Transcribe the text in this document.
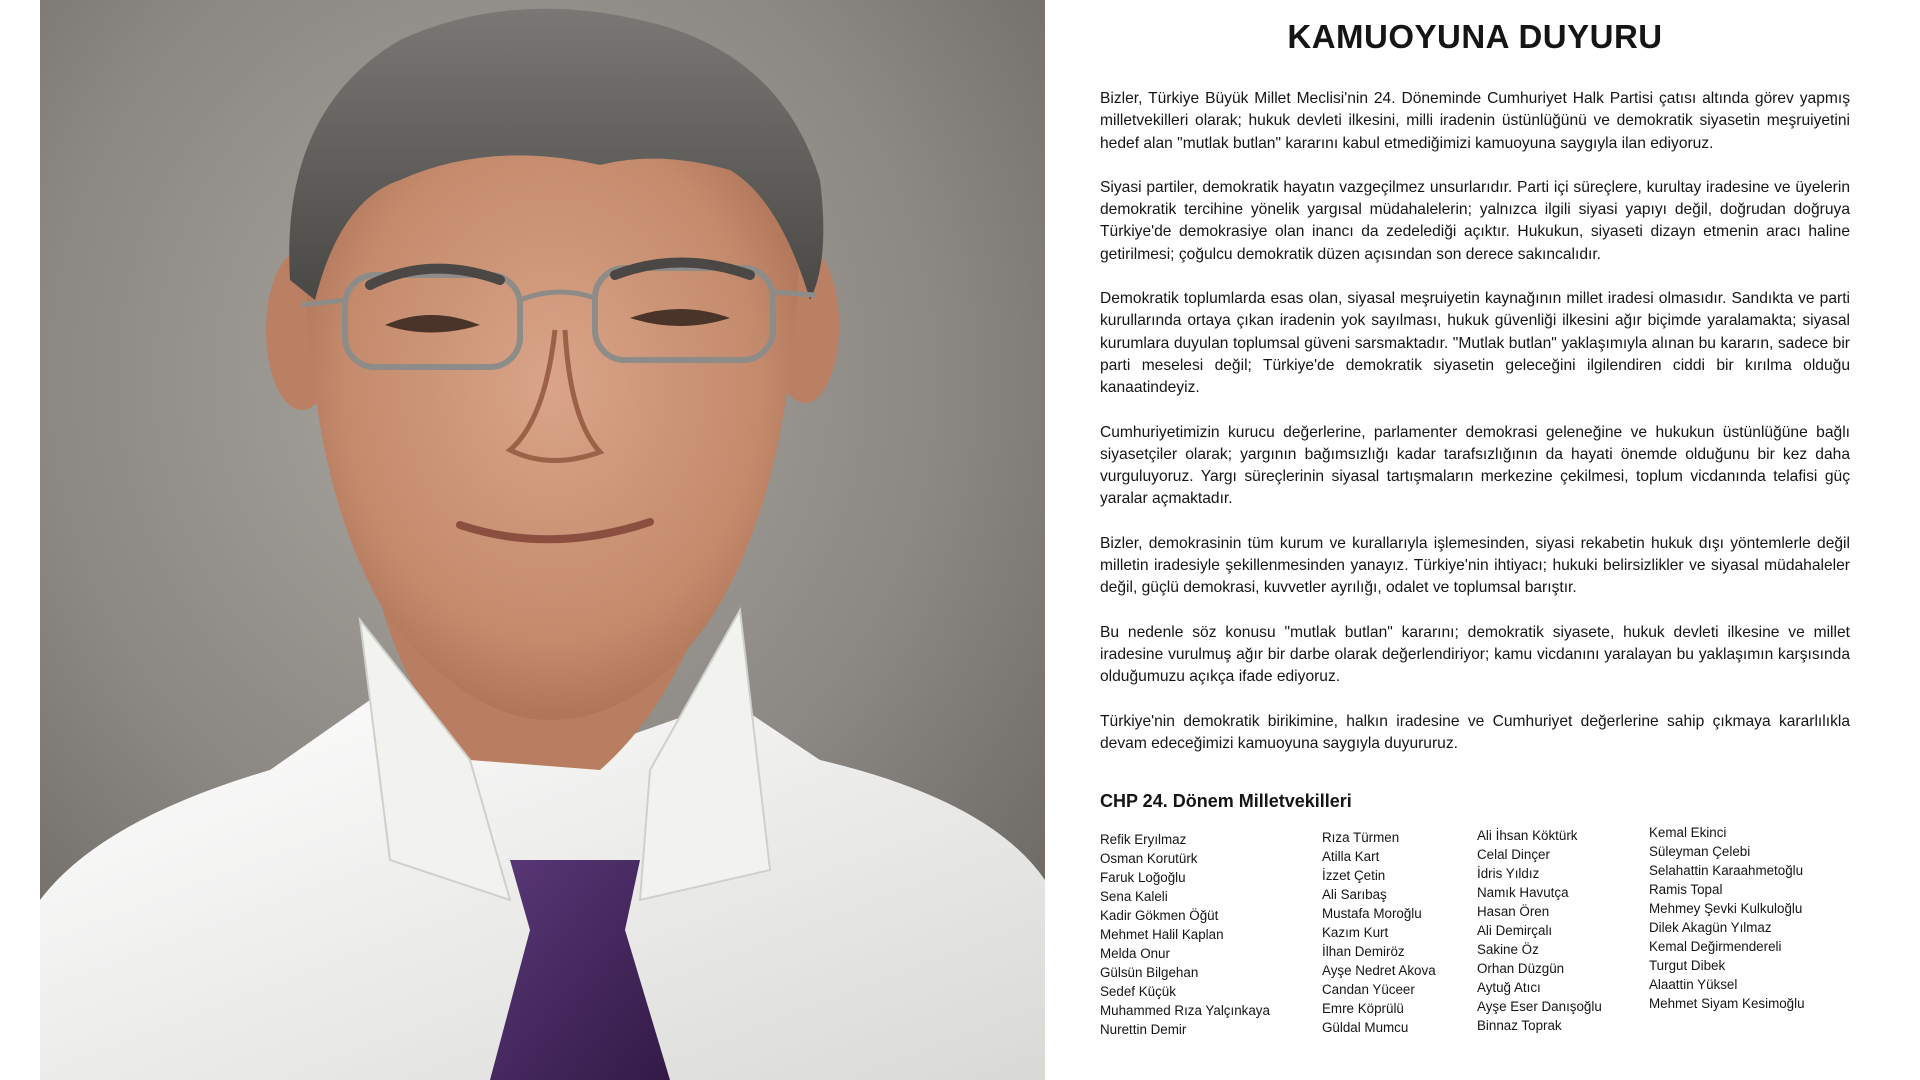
KAMUOYUNA DUYURU

Bizler, Türkiye Büyük Millet Meclisi'nin 24. Döneminde Cumhuriyet Halk Partisi çatısı altında görev yapmış milletvekilleri olarak; hukuk devleti ilkesini, milli iradenin üstünlüğünü ve demokratik siyasetin meşruiyetini hedef alan "mutlak butlan" kararını kabul etmediğimizi kamuoyuna saygıyla ilan ediyoruz.

Siyasi partiler, demokratik hayatın vazgeçilmez unsurlarıdır. Parti içi süreçlere, kurultay iradesine ve üyelerin demokratik tercihine yönelik yargısal müdahalelerin; yalnızca ilgili siyasi yapıyı değil, doğrudan doğruya Türkiye'de demokrasiye olan inancı da zedelediği açıktır. Hukukun, siyaseti dizayn etmenin aracı haline getirilmesi; çoğulcu demokratik düzen açısından son derece sakıncalıdır.

Demokratik toplumlarda esas olan, siyasal meşruiyetin kaynağının millet iradesi olmasıdır. Sandıkta ve parti kurullarında ortaya çıkan iradenin yok sayılması, hukuk güvenliği ilkesini ağır biçimde yaralamakta; siyasal kurumlara duyulan toplumsal güveni sarsmaktadır. "Mutlak butlan" yaklaşımıyla alınan bu kararın, sadece bir parti meselesi değil; Türkiye'de demokratik siyasetin geleceğini ilgilendiren ciddi bir kırılma olduğu kanaatindeyiz.

Cumhuriyetimizin kurucu değerlerine, parlamenter demokrasi geleneğine ve hukukun üstünlüğüne bağlı siyasetçiler olarak; yargının bağımsızlığı kadar tarafsızlığının da hayati önemde olduğunu bir kez daha vurguluyoruz. Yargı süreçlerinin siyasal tartışmaların merkezine çekilmesi, toplum vicdanında telafisi güç yaralar açmaktadır.

Bizler, demokrasinin tüm kurum ve kurallarıyla işlemesinden, siyasi rekabetin hukuk dışı yöntemlerle değil milletin iradesiyle şekillenmesinden yanayız. Türkiye'nin ihtiyacı; hukuki belirsizlikler ve siyasal müdahaleler değil, güçlü demokrasi, kuvvetler ayrılığı, odalet ve toplumsal barıştır.

Bu nedenle söz konusu "mutlak butlan" kararını; demokratik siyasete, hukuk devleti ilkesine ve millet iradesine vurulmuş ağır bir darbe olarak değerlendiriyor; kamu vicdanını yaralayan bu yaklaşımın karşısında olduğumuzu açıkça ifade ediyoruz.

Türkiye'nin demokratik birikimine, halkın iradesine ve Cumhuriyet değerlerine sahip çıkmaya kararlılıkla devam edeceğimizi kamuoyuna saygıyla duyururuz.

CHP 24. Dönem Milletvekilleri
Refik Eryılmaz
Osman Korutürk
Faruk Loğoğlu
Sena Kaleli
Kadir Gökmen Öğüt
Mehmet Halil Kaplan
Melda Onur
Gülsün Bilgehan
Sedef Küçük
Muhammed Rıza Yalçınkaya
Nurettin Demir
Rıza Türmen
Atilla Kart
İzzet Çetin
Ali Sarıbaş
Mustafa Moroğlu
Kazım Kurt
İlhan Demiröz
Ayşe Nedret Akova
Candan Yüceer
Emre Köprülü
Güldal Mumcu
Ali İhsan Köktürk
Celal Dinçer
İdris Yıldız
Namık Havutça
Hasan Ören
Ali Demirçalı
Sakine Öz
Orhan Düzgün
Aytuğ Atıcı
Ayşe Eser Danışoğlu
Binnaz Toprak
Kemal Ekinci
Süleyman Çelebi
Selahattin Karaahmetoğlu
Ramis Topal
Mehmey Şevki Kulkuloğlu
Dilek Akagün Yılmaz
Kemal Değirmendereli
Turgut Dibek
Alaattin Yüksel
Mehmet Siyam Kesimoğlu
